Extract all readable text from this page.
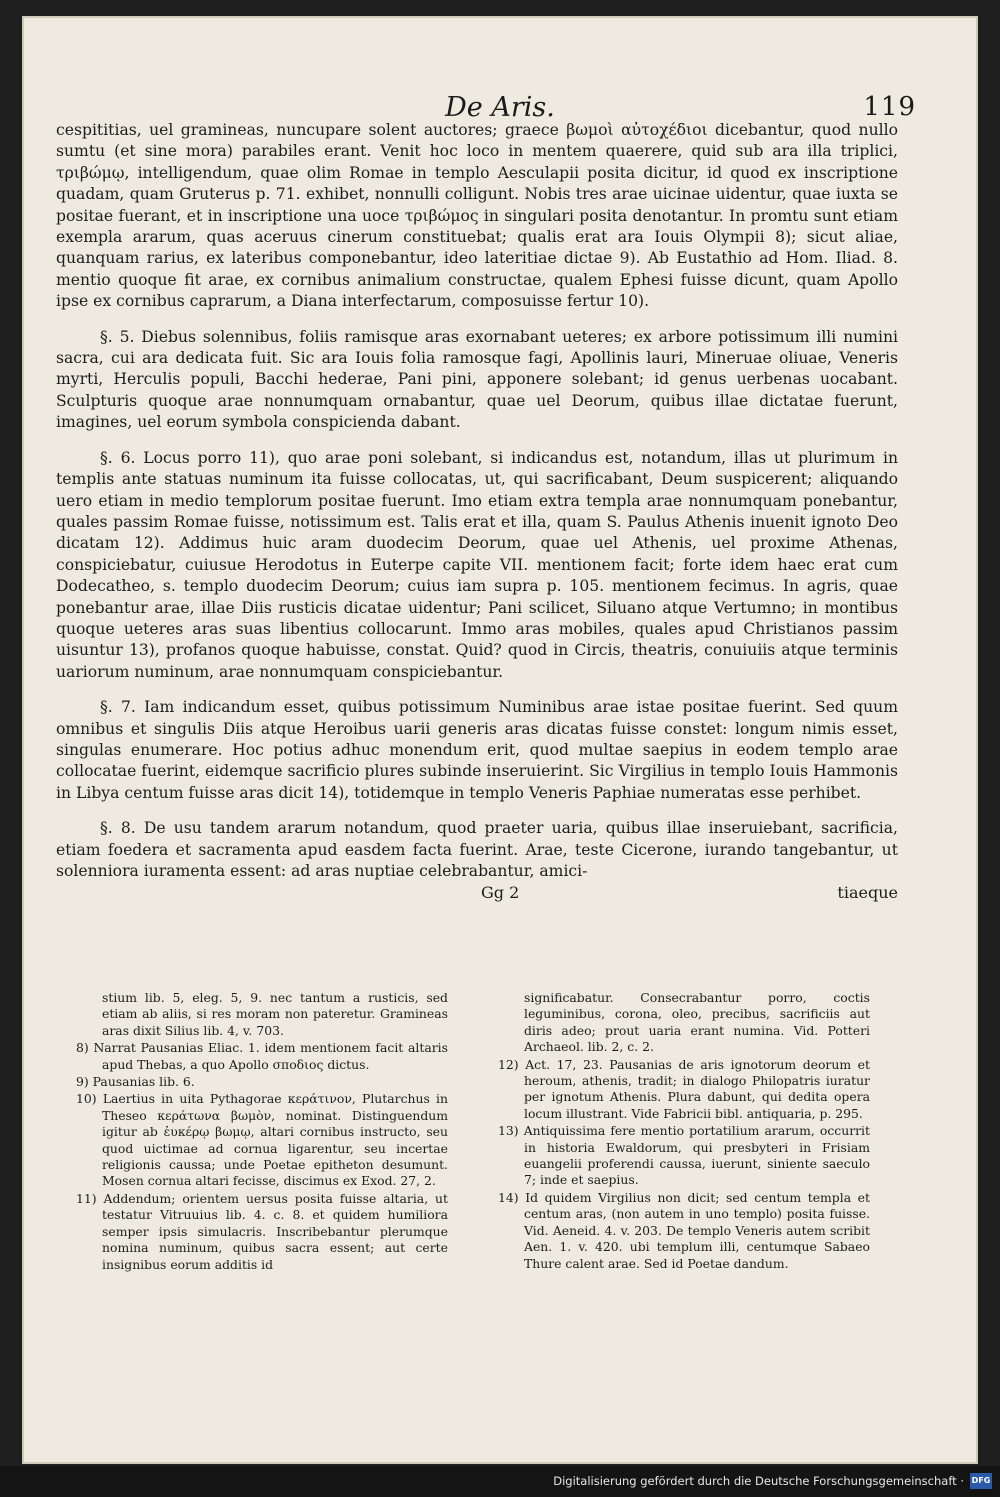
De Aris.	119

cespititias, uel gramineas, nuncupare solent auctores; graece βωμοὶ αὐτοχέδιοι dicebantur, quod nullo sumtu (et sine mora) parabiles erant. Venit hoc loco in mentem quaerere, quid sub ara illa triplici, τριβώμῳ, intelligendum, quae olim Romae in templo Aesculapii posita dicitur, id quod ex inscriptione quadam, quam Gruterus p. 71. exhibet, nonnulli colligunt. Nobis tres arae uicinae uidentur, quae iuxta se positae fuerant, et in inscriptione una uoce τριβώμος in singulari posita denotantur. In promtu sunt etiam exempla ararum, quas aceruus cinerum constituebat; qualis erat ara Iouis Olympii 8); sicut aliae, quanquam rarius, ex lateribus componebantur, ideo lateritiae dictae 9). Ab Eustathio ad Hom. Iliad. 8. mentio quoque fit arae, ex cornibus animalium constructae, qualem Ephesi fuisse dicunt, quam Apollo ipse ex cornibus caprarum, a Diana interfectarum, composuisse fertur 10).

§. 5. Diebus solennibus, foliis ramisque aras exornabant ueteres; ex arbore potissimum illi numini sacra, cui ara dedicata fuit. Sic ara Iouis folia ramosque fagi, Apollinis lauri, Mineruae oliuae, Veneris myrti, Herculis populi, Bacchi hederae, Pani pini, apponere solebant; id genus uerbenas uocabant. Sculpturis quoque arae nonnumquam ornabantur, quae uel Deorum, quibus illae dictatae fuerunt, imagines, uel eorum symbola conspicienda dabant.

§. 6. Locus porro 11), quo arae poni solebant, si indicandus est, notandum, illas ut plurimum in templis ante statuas numinum ita fuisse collocatas, ut, qui sacrificabant, Deum suspicerent; aliquando uero etiam in medio templorum positae fuerunt. Imo etiam extra templa arae nonnumquam ponebantur, quales passim Romae fuisse, notissimum est. Talis erat et illa, quam S. Paulus Athenis inuenit ignoto Deo dicatam 12). Addimus huic aram duodecim Deorum, quae uel Athenis, uel proxime Athenas, conspiciebatur, cuiusue Herodotus in Euterpe capite VII. mentionem facit; forte idem haec erat cum Dodecatheo, s. templo duodecim Deorum; cuius iam supra p. 105. mentionem fecimus. In agris, quae ponebantur arae, illae Diis rusticis dicatae uidentur; Pani scilicet, Siluano atque Vertumno; in montibus quoque ueteres aras suas libentius collocarunt. Immo aras mobiles, quales apud Christianos passim uisuntur 13), profanos quoque habuisse, constat. Quid? quod in Circis, theatris, conuiuiis atque terminis uariorum numinum, arae nonnumquam conspiciebantur.

§. 7. Iam indicandum esset, quibus potissimum Numinibus arae istae positae fuerint. Sed quum omnibus et singulis Diis atque Heroibus uarii generis aras dicatas fuisse constet: longum nimis esset, singulas enumerare. Hoc potius adhuc monendum erit, quod multae saepius in eodem templo arae collocatae fuerint, eidemque sacrificio plures subinde inseruierint. Sic Virgilius in templo Iouis Hammonis in Libya centum fuisse aras dicit 14), totidemque in templo Veneris Paphiae numeratas esse perhibet.

§. 8. De usu tandem ararum notandum, quod praeter uaria, quibus illae inseruiebant, sacrificia, etiam foedera et sacramenta apud easdem facta fuerint. Arae, teste Cicerone, iurando tangebantur, ut solenniora iuramenta essent: ad aras nuptiae celebrabantur, amici-

Gg 2	tiaeque

stium lib. 5, eleg. 5, 9. nec tantum a rusticis, sed etiam ab aliis, si res moram non pateretur. Gramineas aras dixit Silius lib. 4, v. 703.

8) Narrat Pausanias Eliac. 1. idem mentionem facit altaris apud Thebas, a quo Apollo σποδιος dictus.

9) Pausanias lib. 6.

10) Laertius in uita Pythagorae κεράτινον, Plutarchus in Theseo κεράτωνα βωμὸν, nominat. Distinguendum igitur ab ἐυκέρῳ βωμῳ, altari cornibus instructo, seu quod uictimae ad cornua ligarentur, seu incertae religionis caussa; unde Poetae epitheton desumunt. Mosen cornua altari fecisse, discimus ex Exod. 27, 2.

11) Addendum; orientem uersus posita fuisse altaria, ut testatur Vitruuius lib. 4. c. 8. et quidem humiliora semper ipsis simulacris. Inscribebantur plerumque nomina numinum, quibus sacra essent; aut certe insignibus eorum additis id

significabatur. Consecrabantur porro, coctis leguminibus, corona, oleo, precibus, sacrificiis aut diris adeo; prout uaria erant numina. Vid. Potteri Archaeol. lib. 2, c. 2.

12) Act. 17, 23. Pausanias de aris ignotorum deorum et heroum, athenis, tradit; in dialogo Philopatris iuratur per ignotum Athenis. Plura dabunt, qui dedita opera locum illustrant. Vide Fabricii bibl. antiquaria, p. 295.

13) Antiquissima fere mentio portatilium ararum, occurrit in historia Ewaldorum, qui presbyteri in Frisiam euangelii proferendi caussa, iuerunt, siniente saeculo 7; inde et saepius.

14) Id quidem Virgilius non dicit; sed centum templa et centum aras, (non autem in uno templo) posita fuisse. Vid. Aeneid. 4. v. 203. De templo Veneris autem scribit Aen. 1. v. 420. ubi templum illi, centumque Sabaeo Thure calent arae. Sed id Poetae dandum.

Digitalisierung gefördert durch die Deutsche Forschungsgemeinschaft · DFG
